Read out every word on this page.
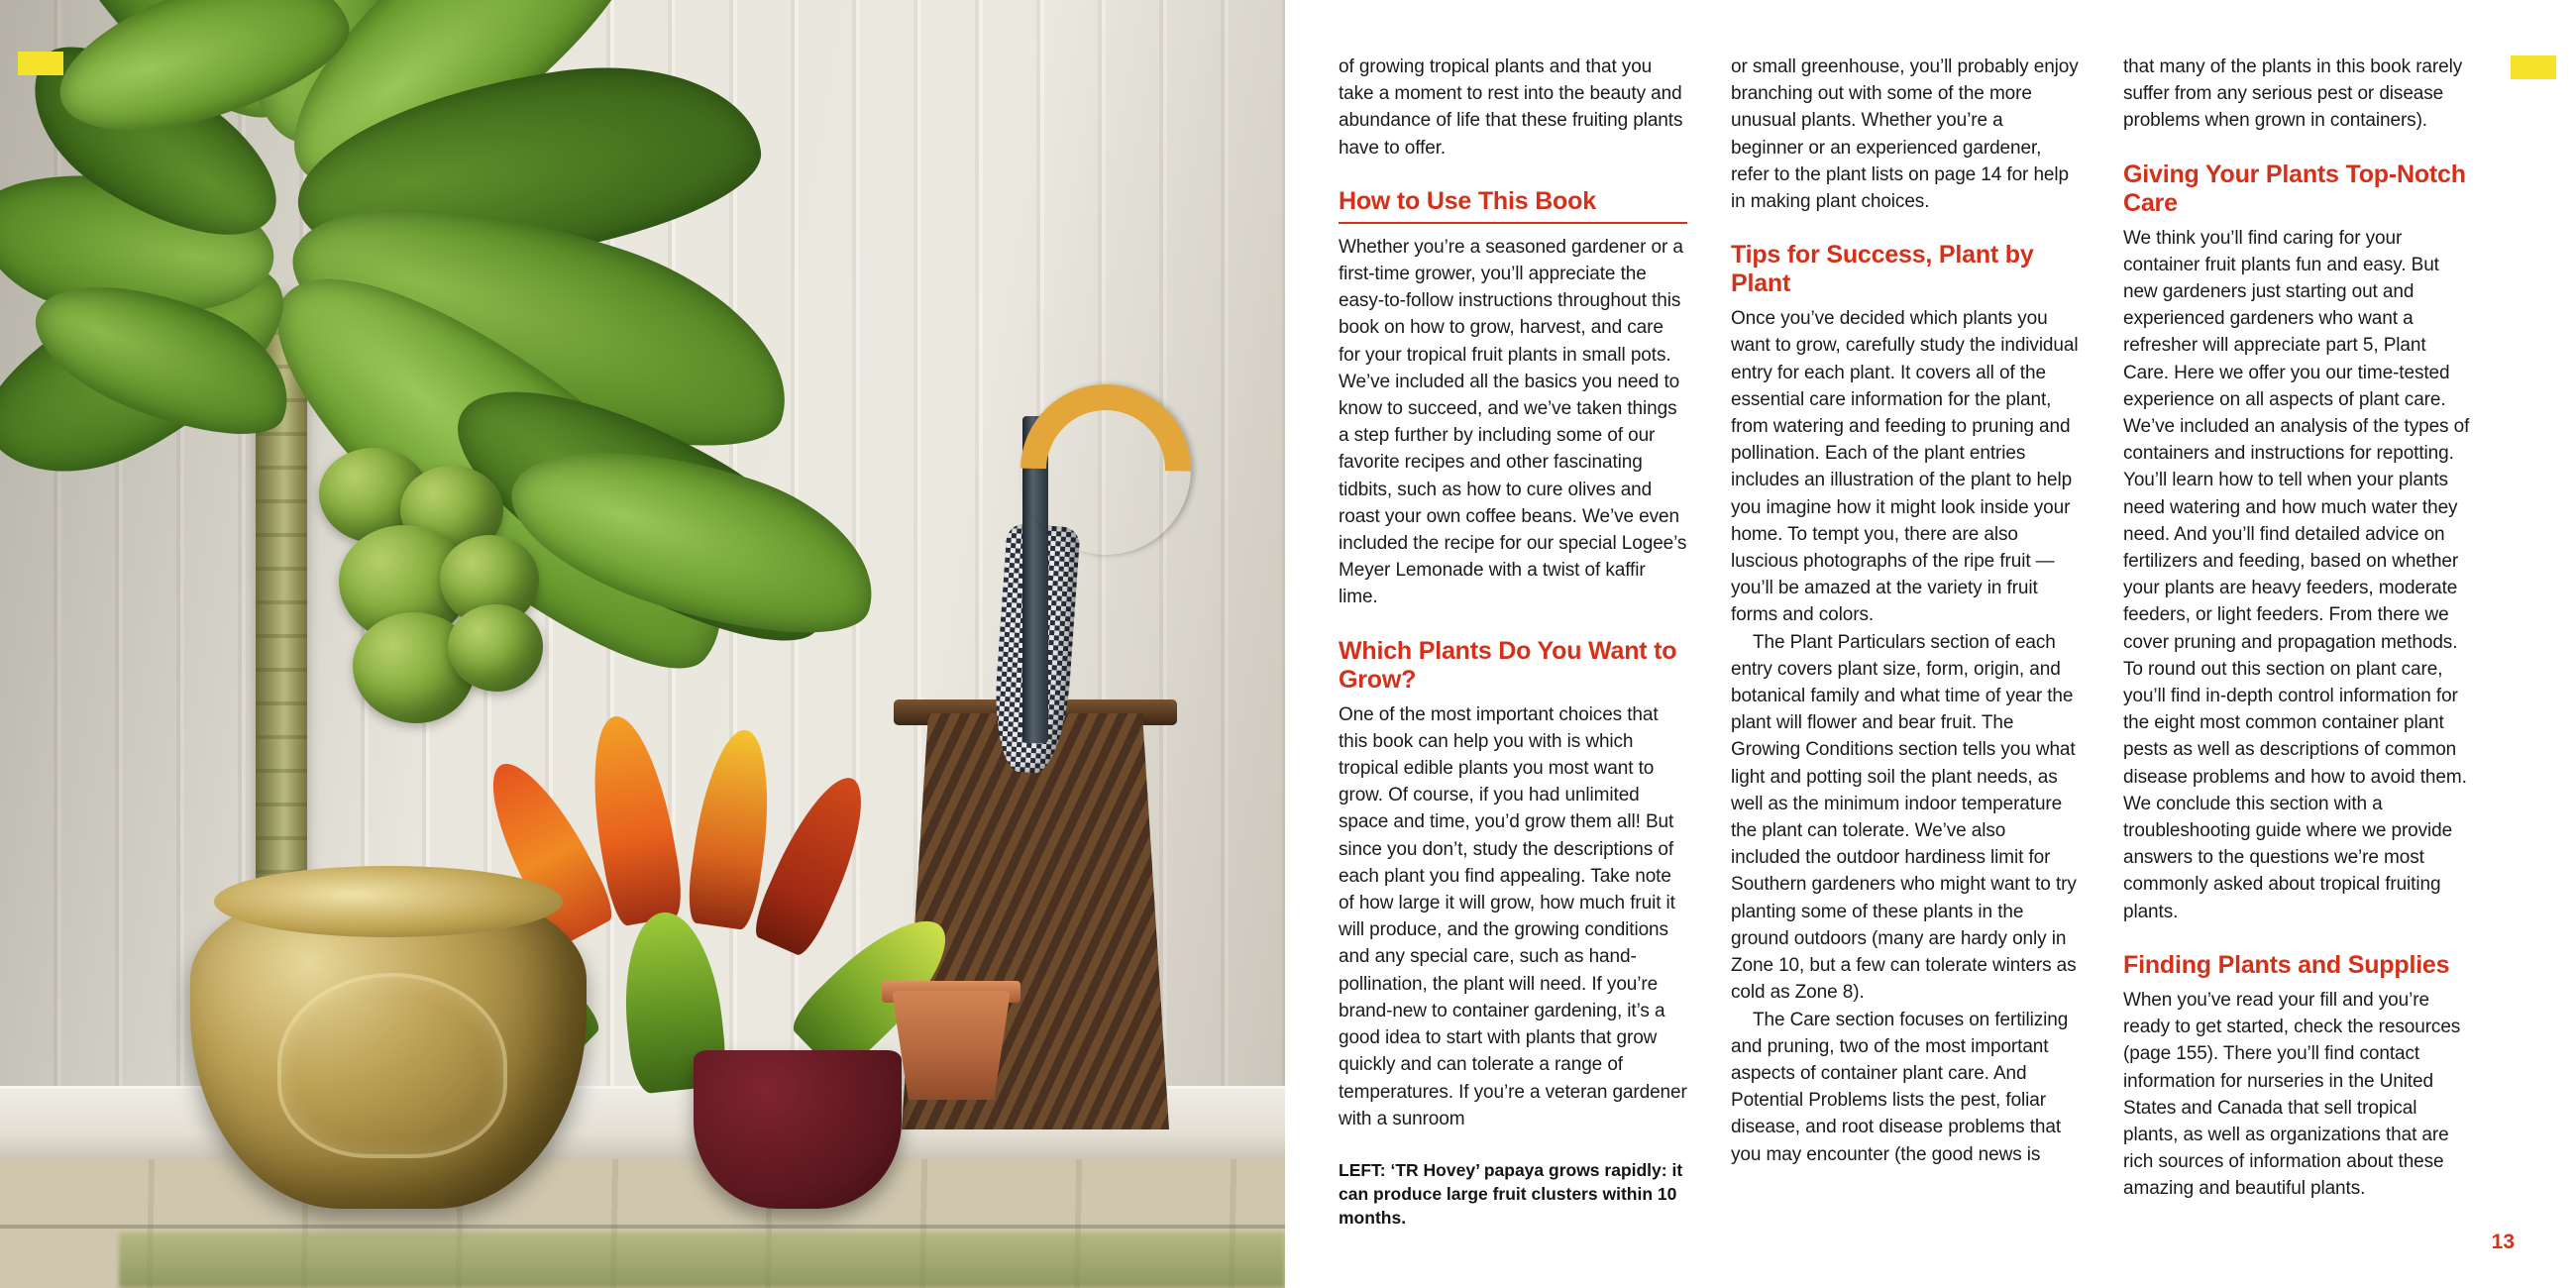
of growing tropical plants and that you take a moment to rest into the beauty and abundance of life that these fruiting plants have to offer.

How to Use This Book

Whether you’re a seasoned gardener or a first-time grower, you’ll appreciate the easy-to-follow instructions throughout this book on how to grow, harvest, and care for your tropical fruit plants in small pots. We’ve included all the basics you need to know to succeed, and we’ve taken things a step further by including some of our favorite recipes and other fascinating tidbits, such as how to cure olives and roast your own coffee beans. We’ve even included the recipe for our special Logee’s Meyer Lemonade with a twist of kaffir lime.

Which Plants Do You Want to Grow?

One of the most important choices that this book can help you with is which tropical edible plants you most want to grow. Of course, if you had unlimited space and time, you’d grow them all! But since you don’t, study the descriptions of each plant you find appealing. Take note of how large it will grow, how much fruit it will produce, and the growing conditions and any special care, such as hand-pollination, the plant will need. If you’re brand-new to container gardening, it’s a good idea to start with plants that grow quickly and can tolerate a range of temperatures. If you’re a veteran gardener with a sunroom

LEFT: ‘TR Hovey’ papaya grows rapidly: it can produce large fruit clusters within 10 months.

or small greenhouse, you’ll probably enjoy branching out with some of the more unusual plants. Whether you’re a beginner or an experienced gardener, refer to the plant lists on page 14 for help in making plant choices.

Tips for Success, Plant by Plant

Once you’ve decided which plants you want to grow, carefully study the individual entry for each plant. It covers all of the essential care information for the plant, from watering and feeding to pruning and pollination. Each of the plant entries includes an illustration of the plant to help you imagine how it might look inside your home. To tempt you, there are also luscious photographs of the ripe fruit — you’ll be amazed at the variety in fruit forms and colors.

The Plant Particulars section of each entry covers plant size, form, origin, and botanical family and what time of year the plant will flower and bear fruit. The Growing Conditions section tells you what light and potting soil the plant needs, as well as the minimum indoor temperature the plant can tolerate. We’ve also included the outdoor hardiness limit for Southern gardeners who might want to try planting some of these plants in the ground outdoors (many are hardy only in Zone 10, but a few can tolerate winters as cold as Zone 8).

The Care section focuses on fertilizing and pruning, two of the most important aspects of container plant care. And Potential Problems lists the pest, foliar disease, and root disease problems that you may encounter (the good news is

that many of the plants in this book rarely suffer from any serious pest or disease problems when grown in containers).

Giving Your Plants Top-Notch Care

We think you’ll find caring for your container fruit plants fun and easy. But new gardeners just starting out and experienced gardeners who want a refresher will appreciate part 5, Plant Care. Here we offer you our time-tested experience on all aspects of plant care. We’ve included an analysis of the types of containers and instructions for repotting. You’ll learn how to tell when your plants need watering and how much water they need. And you’ll find detailed advice on fertilizers and feeding, based on whether your plants are heavy feeders, moderate feeders, or light feeders. From there we cover pruning and propagation methods. To round out this section on plant care, you’ll find in-depth control information for the eight most common container plant pests as well as descriptions of common disease problems and how to avoid them. We conclude this section with a troubleshooting guide where we provide answers to the questions we’re most commonly asked about tropical fruiting plants.

Finding Plants and Supplies

When you’ve read your fill and you’re ready to get started, check the resources (page 155). There you’ll find contact information for nurseries in the United States and Canada that sell tropical plants, as well as organizations that are rich sources of information about these amazing and beautiful plants.

13
